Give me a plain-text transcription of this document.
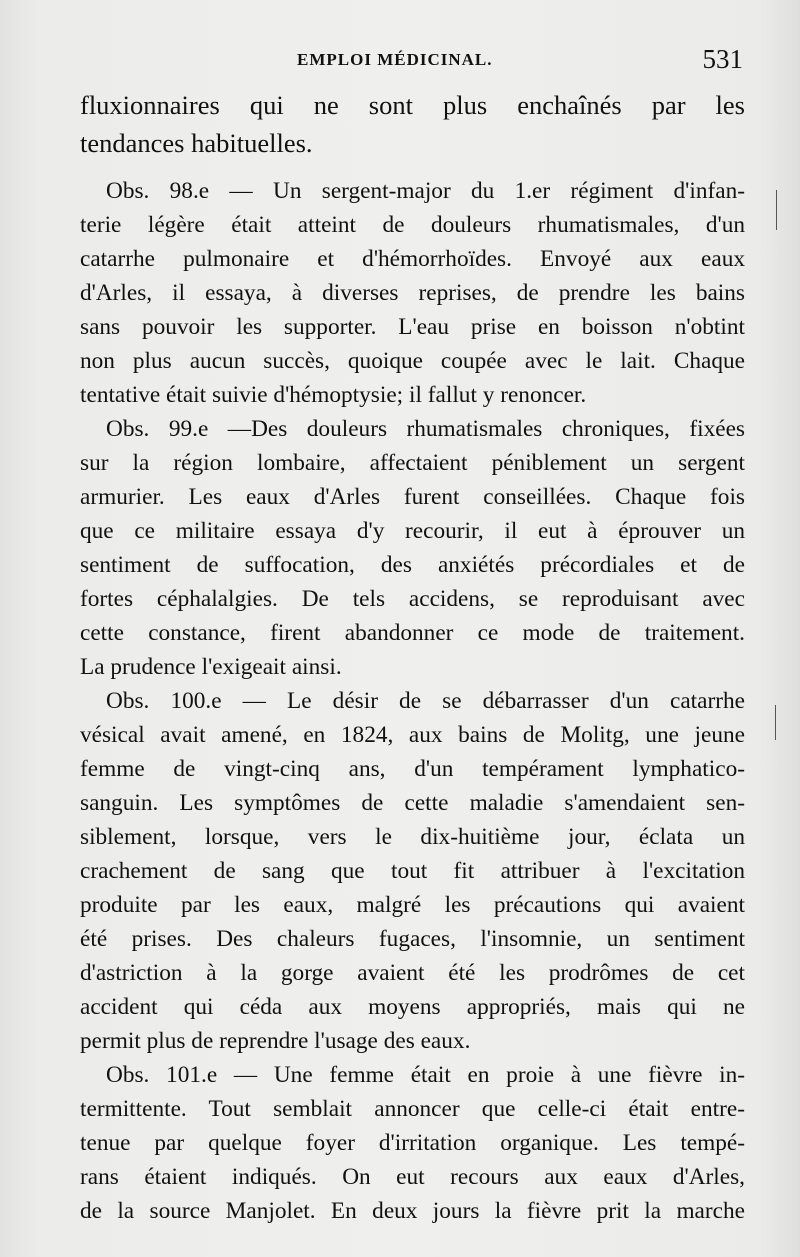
EMPLOI MÉDICINAL.	531
fluxionnaires qui ne sont plus enchaînés par les
tendances habituelles.
Obs. 98.e — Un sergent-major du 1.er régiment d'infan-
terie légère était atteint de douleurs rhumatismales, d'un
catarrhe pulmonaire et d'hémorrhoïdes. Envoyé aux eaux
d'Arles, il essaya, à diverses reprises, de prendre les bains
sans pouvoir les supporter. L'eau prise en boisson n'obtint
non plus aucun succès, quoique coupée avec le lait. Chaque
tentative était suivie d'hémoptysie; il fallut y renoncer.
Obs. 99.e —Des douleurs rhumatismales chroniques, fixées
sur la région lombaire, affectaient péniblement un sergent
armurier. Les eaux d'Arles furent conseillées. Chaque fois
que ce militaire essaya d'y recourir, il eut à éprouver un
sentiment de suffocation, des anxiétés précordiales et de
fortes céphalalgies. De tels accidens, se reproduisant avec
cette constance, firent abandonner ce mode de traitement.
La prudence l'exigeait ainsi.
Obs. 100.e — Le désir de se débarrasser d'un catarrhe
vésical avait amené, en 1824, aux bains de Molitg, une jeune
femme de vingt-cinq ans, d'un tempérament lymphatico-
sanguin. Les symptômes de cette maladie s'amendaient sen-
siblement, lorsque, vers le dix-huitième jour, éclata un
crachement de sang que tout fit attribuer à l'excitation
produite par les eaux, malgré les précautions qui avaient
été prises. Des chaleurs fugaces, l'insomnie, un sentiment
d'astriction à la gorge avaient été les prodrômes de cet
accident qui céda aux moyens appropriés, mais qui ne
permit plus de reprendre l'usage des eaux.
Obs. 101.e — Une femme était en proie à une fièvre in-
termittente. Tout semblait annoncer que celle-ci était entre-
tenue par quelque foyer d'irritation organique. Les tempé-
rans étaient indiqués. On eut recours aux eaux d'Arles,
de la source Manjolet. En deux jours la fièvre prit la marche
